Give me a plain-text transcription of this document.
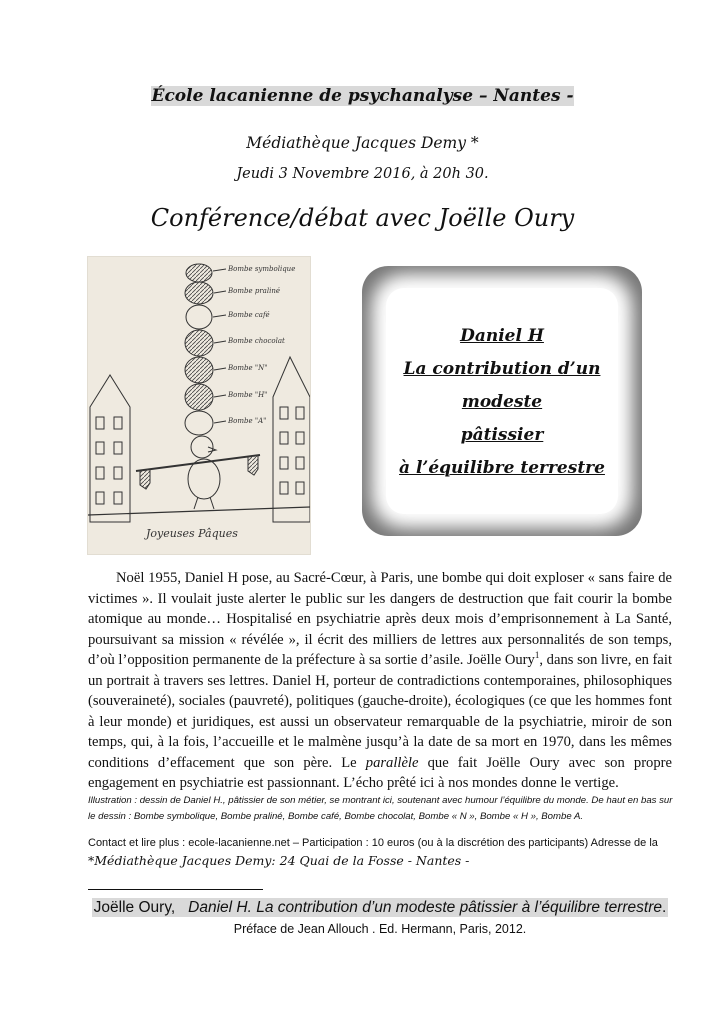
École lacanienne de psychanalyse – Nantes -
Médiathèque Jacques Demy *
Jeudi 3 Novembre 2016, à 20h 30.
Conférence/débat avec Joëlle Oury
Bombe symbolique
Bombe praliné
Bombe café
Bombe chocolat
Bombe "N"
Bombe "H"
Bombe "A"
Joyeuses Pâques
Daniel H
La contribution d’un modeste
pâtissier
à l’équilibre terrestre

Noël 1955, Daniel H pose, au Sacré-Cœur, à Paris, une bombe qui doit exploser « sans faire de victimes ». Il voulait juste alerter le public sur les dangers de destruction que fait courir la bombe atomique au monde… Hospitalisé en psychiatrie après deux mois d’emprisonnement à La Santé, poursuivant sa mission « révélée », il écrit des milliers de lettres aux personnalités de son temps, d’où l’opposition permanente de la préfecture à sa sortie d’asile. Joëlle Oury$^1$, dans son livre, en fait un portrait à travers ses lettres. Daniel H, porteur de contradictions contemporaines, philosophiques (souveraineté), sociales (pauvreté), politiques (gauche-droite), écologiques (ce que les hommes font à leur monde) et juridiques, est aussi un observateur remarquable de la psychiatrie, miroir de son temps, qui, à la fois, l’accueille et le malmène jusqu’à la date de sa mort en 1970, dans les mêmes conditions d’effacement que son père. Le parallèle que fait Joëlle Oury avec son propre engagement en psychiatrie est passionnant. L’écho prêté ici à nos mondes donne le vertige.

Illustration : dessin de Daniel H., pâtissier de son métier, se montrant ici, soutenant avec humour l’équilibre du monde. De haut en bas sur le dessin : Bombe symbolique, Bombe praliné, Bombe café, Bombe chocolat, Bombe « N », Bombe « H », Bombe A.
Contact et lire plus : ecole-lacanienne.net – Participation : 10 euros (ou à la discrétion des participants) Adresse de la
*Médiathèque Jacques Demy: 24 Quai de la Fosse - Nantes -
Joëlle Oury, Daniel H. La contribution d’un modeste pâtissier à l’équilibre terrestre.
Préface de Jean Allouch . Ed. Hermann, Paris, 2012.
